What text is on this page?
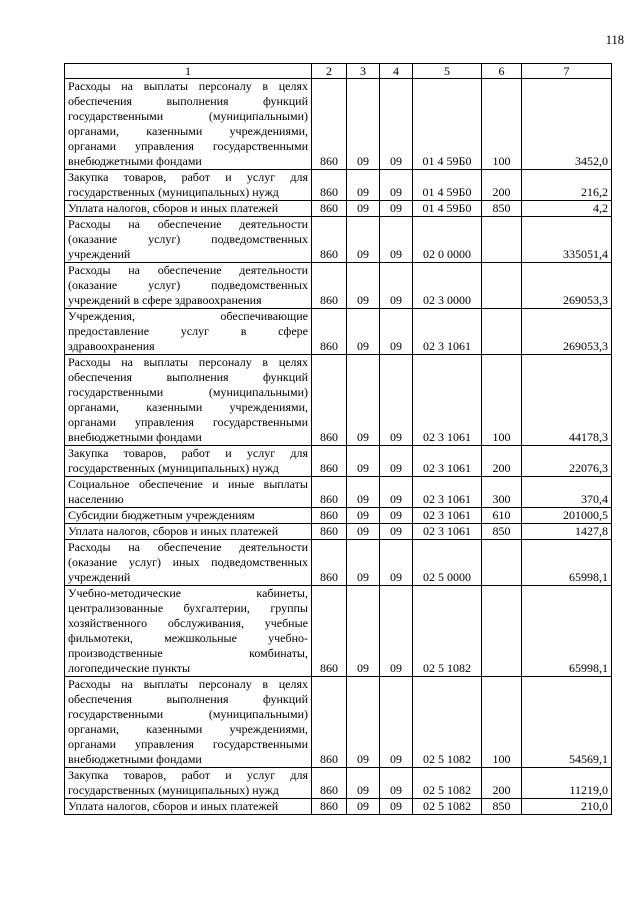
118
1	2	3	4	5	6	7
Расходы на выплаты персоналу в целях обеспечения выполнения функций государственными (муниципальными) органами, казенными учреждениями, органами управления государственными внебюджетными фондами	860	09	09	01 4 59Б0	100	3452,0
Закупка товаров, работ и услуг для государственных (муниципальных) нужд	860	09	09	01 4 59Б0	200	216,2
Уплата налогов, сборов и иных платежей	860	09	09	01 4 59Б0	850	4,2
Расходы на обеспечение деятельности (оказание услуг) подведомственных учреждений	860	09	09	02 0 0000		335051,4
Расходы на обеспечение деятельности (оказание услуг) подведомственных учреждений в сфере здравоохранения	860	09	09	02 3 0000		269053,3
Учреждения, обеспечивающие предоставление услуг в сфере здравоохранения	860	09	09	02 3 1061		269053,3
Расходы на выплаты персоналу в целях обеспечения выполнения функций государственными (муниципальными) органами, казенными учреждениями, органами управления государственными внебюджетными фондами	860	09	09	02 3 1061	100	44178,3
Закупка товаров, работ и услуг для государственных (муниципальных) нужд	860	09	09	02 3 1061	200	22076,3
Социальное обеспечение и иные выплаты населению	860	09	09	02 3 1061	300	370,4
Субсидии бюджетным учреждениям	860	09	09	02 3 1061	610	201000,5
Уплата налогов, сборов и иных платежей	860	09	09	02 3 1061	850	1427,8
Расходы на обеспечение деятельности (оказание услуг) иных подведомственных учреждений	860	09	09	02 5 0000		65998,1
Учебно-методические кабинеты, централизованные бухгалтерии, группы хозяйственного обслуживания, учебные фильмотеки, межшкольные учебно-производственные комбинаты, логопедические пункты	860	09	09	02 5 1082		65998,1
Расходы на выплаты персоналу в целях обеспечения выполнения функций государственными (муниципальными) органами, казенными учреждениями, органами управления государственными внебюджетными фондами	860	09	09	02 5 1082	100	54569,1
Закупка товаров, работ и услуг для государственных (муниципальных) нужд	860	09	09	02 5 1082	200	11219,0
Уплата налогов, сборов и иных платежей	860	09	09	02 5 1082	850	210,0
